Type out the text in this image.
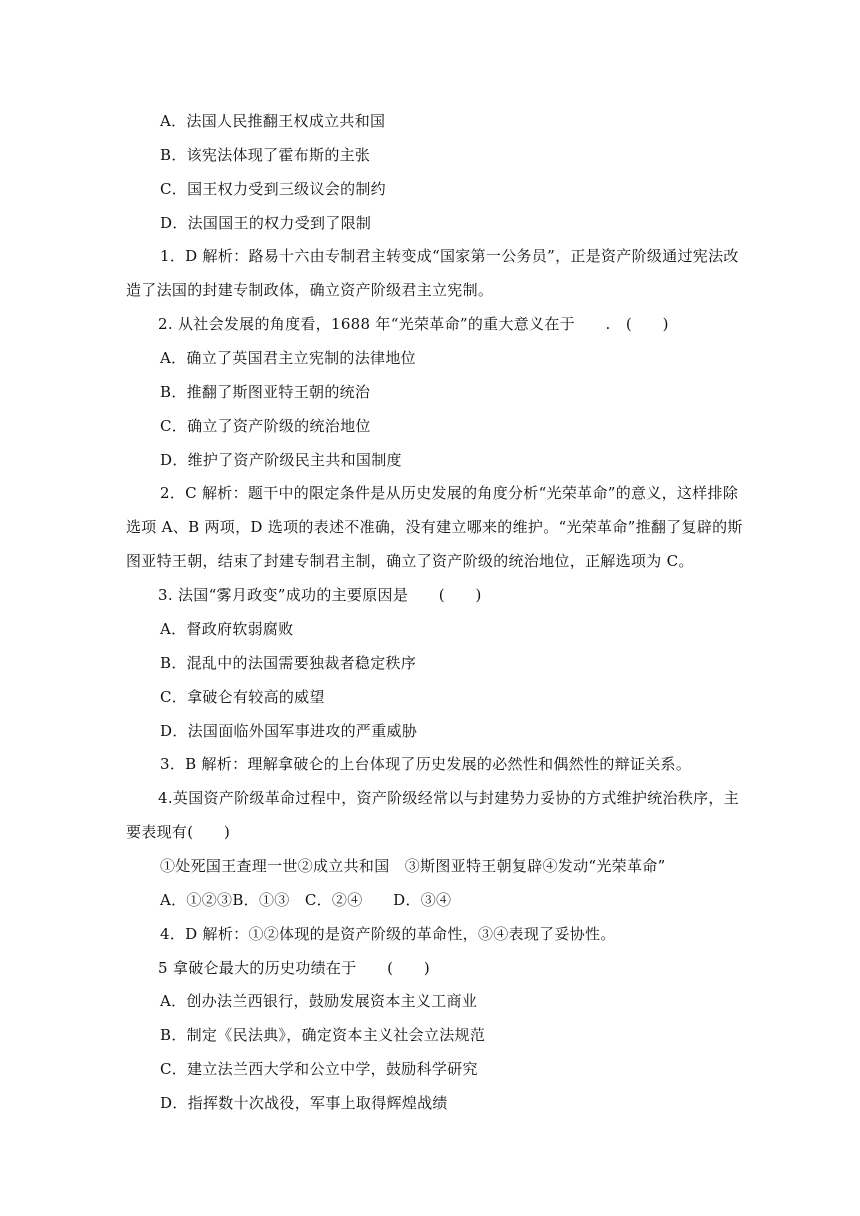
A．法国人民推翻王权成立共和国
B．该宪法体现了霍布斯的主张
C．国王权力受到三级议会的制约
D．法国国王的权力受到了限制
1．D 解析：路易十六由专制君主转变成“国家第一公务员”，正是资产阶级通过宪法改
造了法国的封建专制政体，确立资产阶级君主立宪制。
2. 从社会发展的角度看，1688 年“光荣革命”的重大意义在于　　.　(　　)
A．确立了英国君主立宪制的法律地位
B．推翻了斯图亚特王朝的统治
C．确立了资产阶级的统治地位
D．维护了资产阶级民主共和国制度
2．C 解析：题干中的限定条件是从历史发展的角度分析“光荣革命”的意义，这样排除
选项 A、B 两项，D 选项的表述不准确，没有建立哪来的维护。“光荣革命”推翻了复辟的斯
图亚特王朝，结束了封建专制君主制，确立了资产阶级的统治地位，正解选项为 C。
3. 法国“雾月政变”成功的主要原因是　　(　　)
A．督政府软弱腐败
B．混乱中的法国需要独裁者稳定秩序
C．拿破仑有较高的威望
D．法国面临外国军事进攻的严重威胁
3．B 解析：理解拿破仑的上台体现了历史发展的必然性和偶然性的辩证关系。
4.英国资产阶级革命过程中，资产阶级经常以与封建势力妥协的方式维护统治秩序，主
要表现有(　　)
①处死国王查理一世②成立共和国　③斯图亚特王朝复辟④发动“光荣革命”
A．①②③B．①③　C．②④　　D．③④
4．D 解析：①②体现的是资产阶级的革命性，③④表现了妥协性。
5 拿破仑最大的历史功绩在于　　(　　)
A．创办法兰西银行，鼓励发展资本主义工商业
B．制定《民法典》，确定资本主义社会立法规范
C．建立法兰西大学和公立中学，鼓励科学研究
D．指挥数十次战役，军事上取得辉煌战绩
